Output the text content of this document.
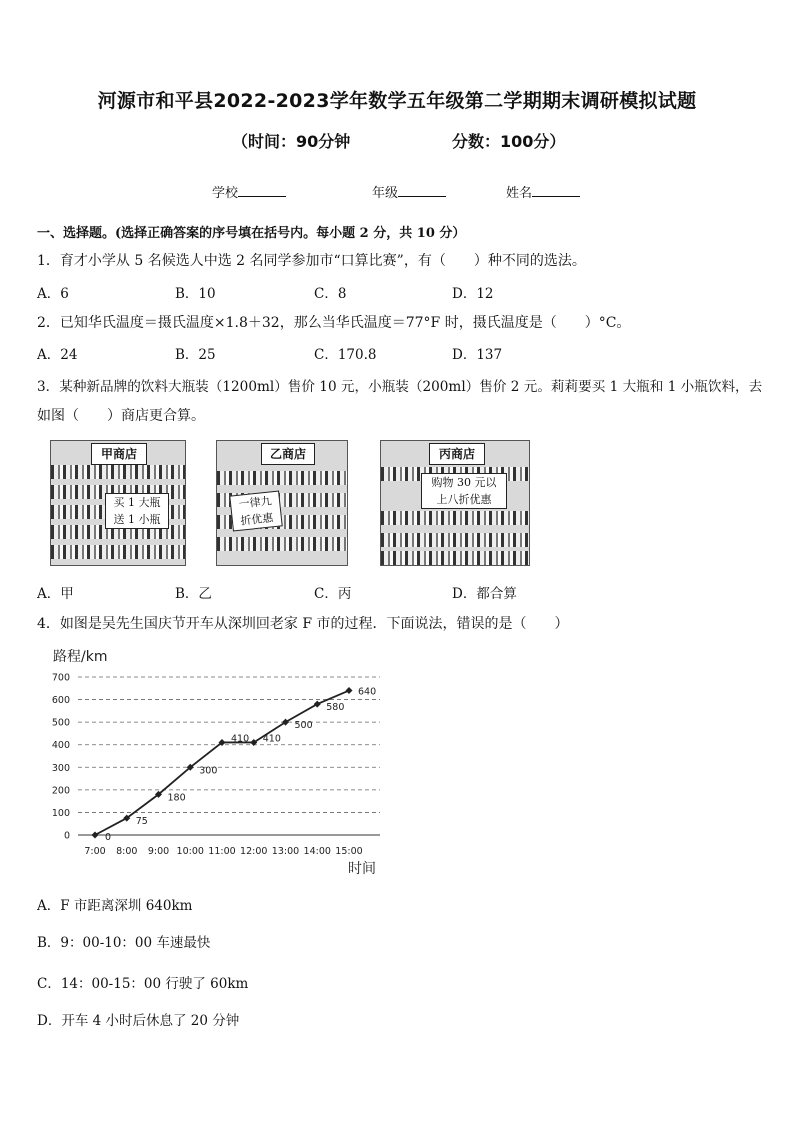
河源市和平县2022-2023学年数学五年级第二学期期末调研模拟试题
（时间：90分钟	分数：100分）
学校	年级	姓名
一、选择题。(选择正确答案的序号填在括号内。每小题 2 分，共 10 分）
1．育才小学从 5 名候选人中选 2 名同学参加市“口算比赛”，有（　　）种不同的选法。
A．6	B．10	C．8	D．12
2．已知华氏温度＝摄氏温度×1.8＋32，那么当华氏温度＝77°F 时，摄氏温度是（　　）°C。
A．24	B．25	C．170.8	D．137
3．某种新品牌的饮料大瓶装（1200ml）售价 10 元，小瓶装（200ml）售价 2 元。莉莉要买 1 大瓶和 1 小瓶饮料，去
如图（　　）商店更合算。
甲商店
买 1 大瓶
送 1 小瓶
乙商店
一律九
折优惠
丙商店
购物 30 元以
上八折优惠
A．甲	B．乙	C．丙	D．都合算
4．如图是吴先生国庆节开车从深圳回老家 F 市的过程．下面说法，错误的是（　　）
路程/km
时间
0
100
200
300
400
500
600
700
7:00 8:00 9:00 10:00 11:00 12:00 13:00 14:00 15:00
0
75
180
300
410 410
500
580
640
A．F 市距离深圳 640km
B．9：00-10：00 车速最快
C．14：00-15：00 行驶了 60km
D．开车 4 小时后休息了 20 分钟
